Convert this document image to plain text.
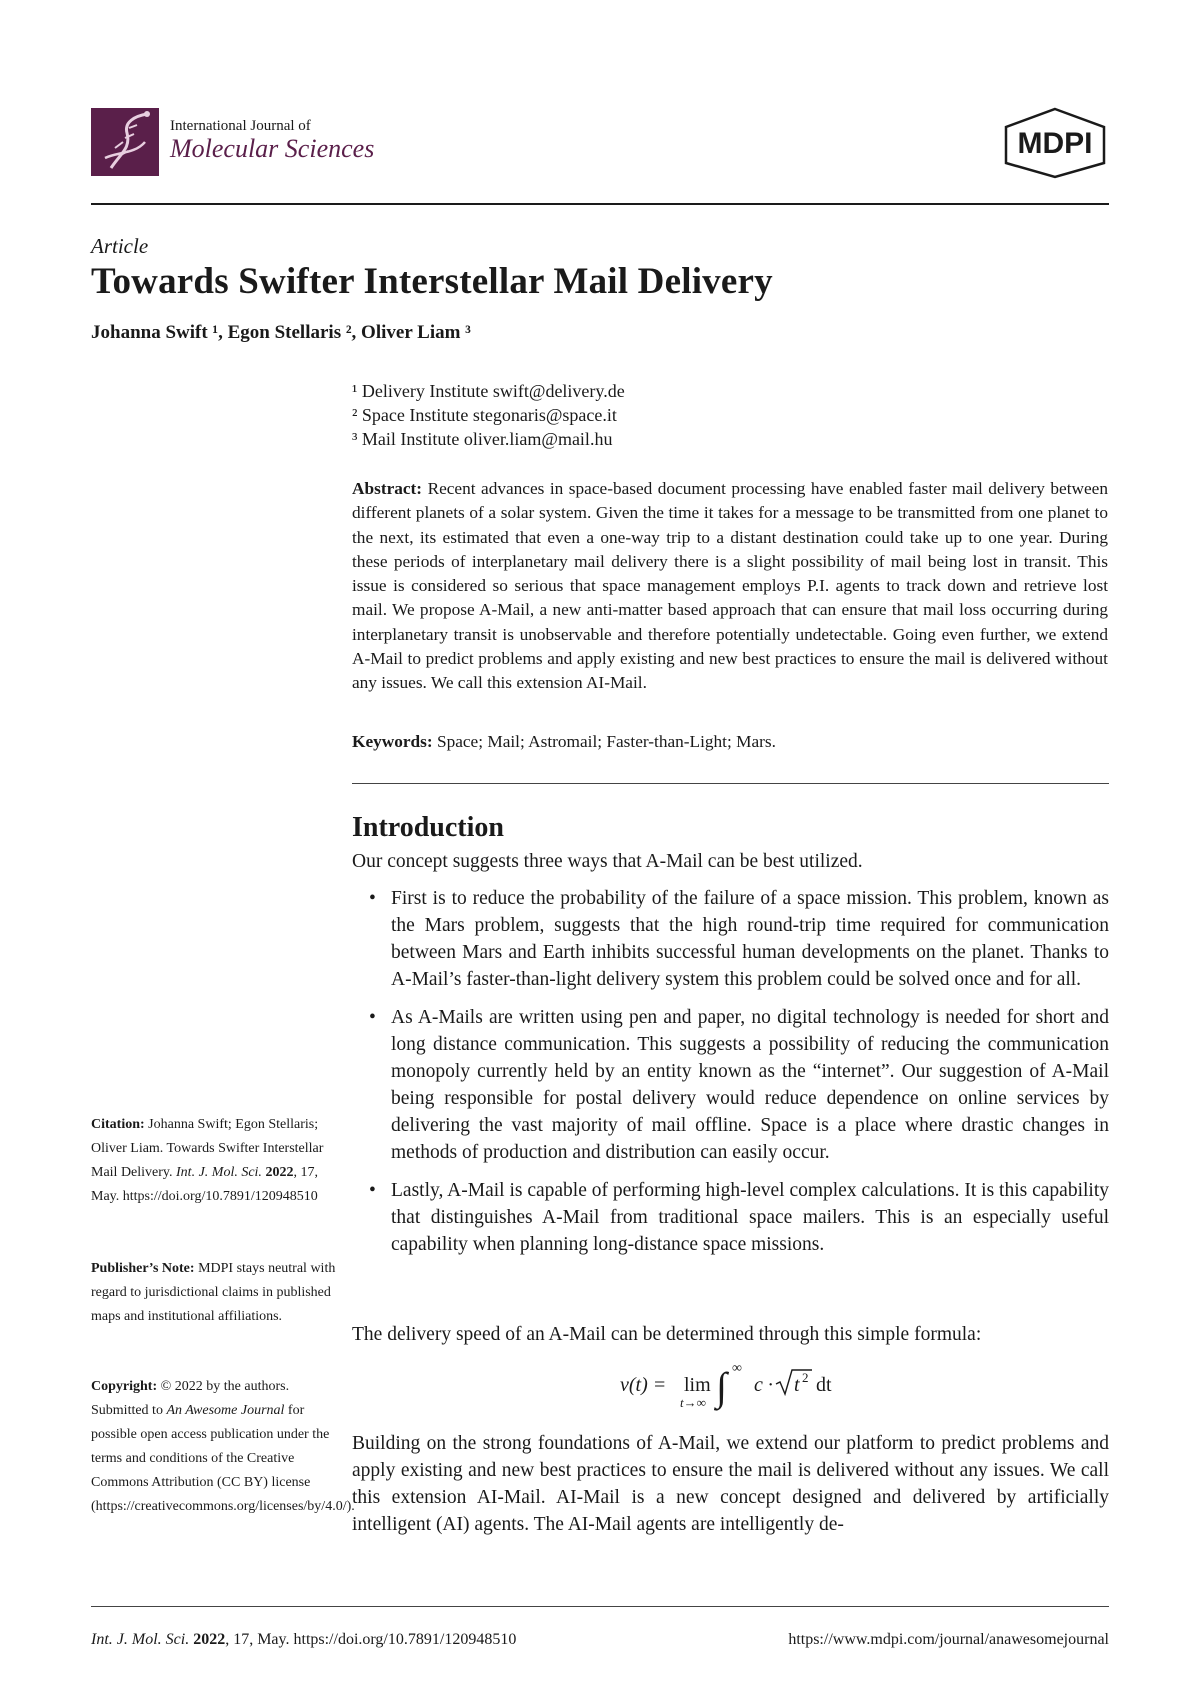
International Journal of
Molecular Sciences	MDPI
Article
Towards Swifter Interstellar Mail Delivery
Johanna Swift ¹, Egon Stellaris ², Oliver Liam ³
¹ Delivery Institute swift@delivery.de
² Space Institute stegonaris@space.it
³ Mail Institute oliver.liam@mail.hu
Abstract: Recent advances in space-based document processing have enabled faster mail delivery between different planets of a solar system. Given the time it takes for a message to be transmitted from one planet to the next, its estimated that even a one-way trip to a distant destination could take up to one year. During these periods of interplanetary mail delivery there is a slight possibility of mail being lost in transit. This issue is considered so serious that space management employs P.I. agents to track down and retrieve lost mail. We propose A-Mail, a new anti-matter based approach that can ensure that mail loss occurring during interplanetary transit is unobservable and therefore potentially undetectable. Going even further, we extend A-Mail to predict problems and apply existing and new best practices to ensure the mail is delivered without any issues. We call this extension AI-Mail.
Keywords: Space; Mail; Astromail; Faster-than-Light; Mars.
Introduction
Our concept suggests three ways that A-Mail can be best utilized.
• First is to reduce the probability of the failure of a space mission. This problem, known as the Mars problem, suggests that the high round-trip time required for communication between Mars and Earth inhibits successful human developments on the planet. Thanks to A-Mail’s faster-than-light delivery system this problem could be solved once and for all.
• As A-Mails are written using pen and paper, no digital technology is needed for short and long distance communication. This suggests a possibility of reducing the communication monopoly currently held by an entity known as the “internet”. Our suggestion of A-Mail being responsible for postal delivery would reduce dependence on online services by delivering the vast majority of mail offline. Space is a place where drastic changes in methods of production and distribution can easily occur.
• Lastly, A-Mail is capable of performing high-level complex calculations. It is this capability that distinguishes A-Mail from traditional space mailers. This is an especially useful capability when planning long-distance space missions.
The delivery speed of an A-Mail can be determined through this simple formula:
v(t) = lim
t→∞ ∫ ∞
c · t 2 dt
Building on the strong foundations of A-Mail, we extend our platform to predict problems and apply existing and new best practices to ensure the mail is delivered without any issues. We call this extension AI-Mail. AI-Mail is a new concept designed and delivered by artificially intelligent (AI) agents. The AI-Mail agents are intelligently de-
Citation: Johanna Swift; Egon Stellaris; Oliver Liam. Towards Swifter Interstellar Mail Delivery. Int. J. Mol. Sci. 2022, 17, May. https://doi.org/10.7891/120948510
Publisher’s Note: MDPI stays neutral with regard to jurisdictional claims in published maps and institutional affiliations.
Copyright: © 2022 by the authors. Submitted to An Awesome Journal for possible open access publication under the terms and conditions of the Creative Commons Attribution (CC BY) license (https://creativecommons.org/licenses/by/4.0/).
Int. J. Mol. Sci. 2022, 17, May. https://doi.org/10.7891/120948510	https://www.mdpi.com/journal/anawesomejournal
